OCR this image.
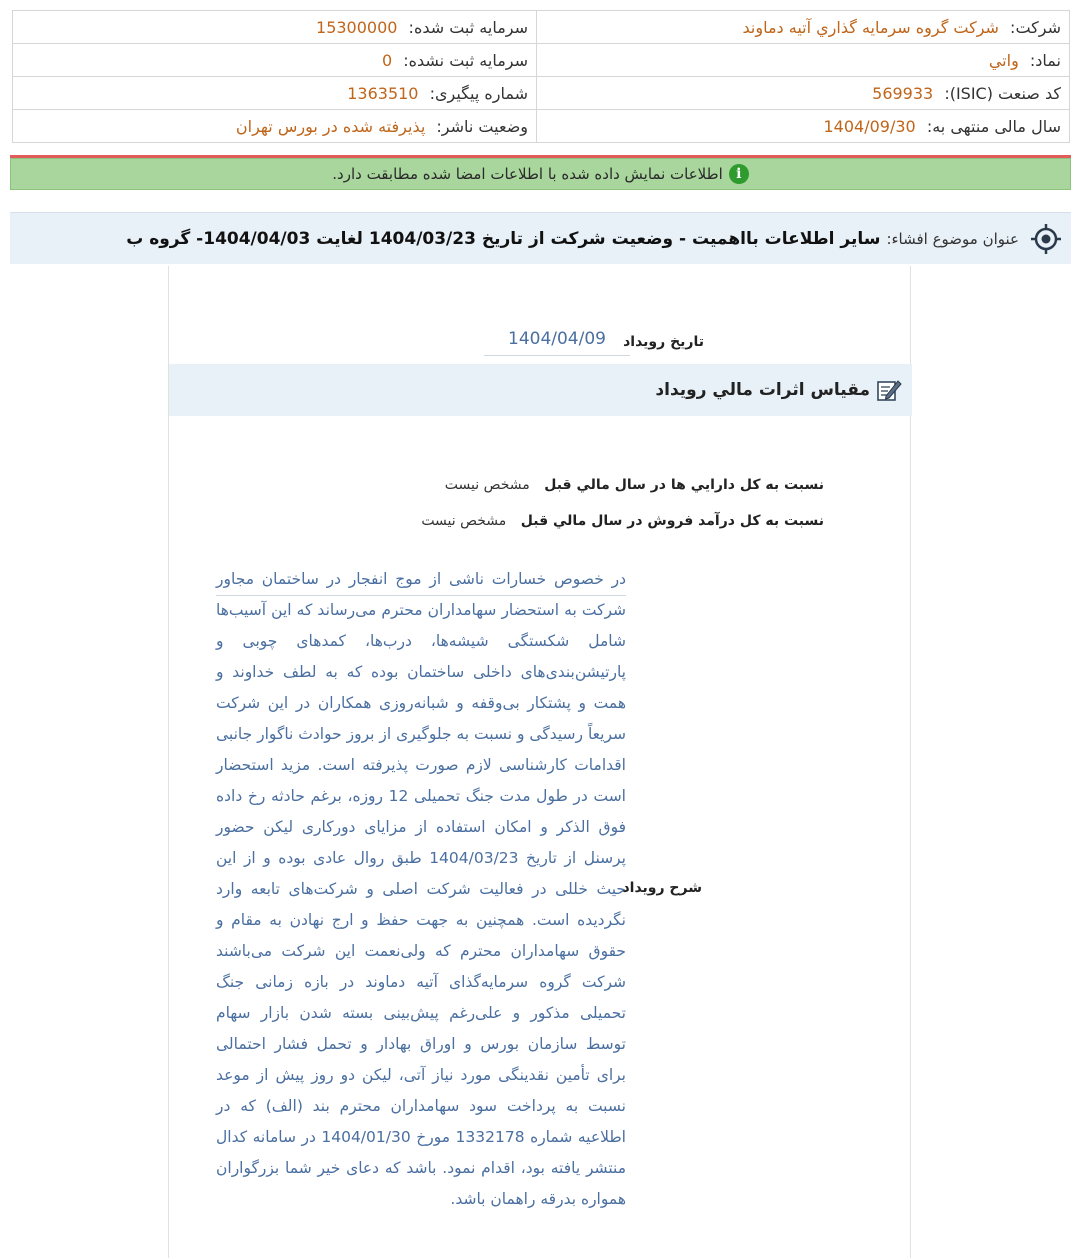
شرکت: شرکت گروه سرمايه گذاري آتيه دماوند	سرمایه ثبت شده: 15300000
نماد: واتي	سرمایه ثبت نشده: 0
کد صنعت (ISIC): 569933	شماره پیگیری: 1363510
سال مالی منتهی به: 1404/09/30	وضعیت ناشر: پذیرفته شده در بورس تهران
i
اطلاعات نمایش داده شده با اطلاعات امضا شده مطابقت دارد.
عنوان موضوع افشاء:
سایر اطلاعات بااهمیت - وضعیت شرکت از تاریخ 1404/03/23 لغایت 1404/04/03- گروه ب
تاریخ رویداد
1404/04/09
مقياس اثرات مالي رويداد
نسبت به کل دارايي ها در سال مالي قبل مشخص نيست
نسبت به کل درآمد فروش در سال مالي قبل مشخص نيست
در خصوص خسارات ناشی از موج انفجار در ساختمان مجاور شرکت به استحضار سهامداران محترم می‌رساند که این آسیب‌ها شامل شکستگی شیشه‌ها، درب‌ها، کمدهای چوبی و پارتیشن‌بندی‌های داخلی ساختمان بوده که به لطف خداوند و همت و پشتکار بی‌وقفه و شبانه‌روزی همکاران در این شرکت سریعاً رسیدگی و نسبت به جلوگیری از بروز حوادث ناگوار جانبی اقدامات کارشناسی لازم صورت پذیرفته است. مزید استحضار است در طول مدت جنگ تحمیلی 12 روزه، برغم حادثه رخ داده فوق الذکر و امکان استفاده از مزایای دورکاری لیکن حضور پرسنل از تاریخ 1404/03/23 طبق روال عادی بوده و از این حیث خللی در فعالیت شرکت اصلی و شرکت‌های تابعه وارد نگردیده است. همچنین به جهت حفظ و ارج نهادن به مقام و حقوق سهامداران محترم که ولی‌نعمت این شرکت می‌باشند شرکت گروه سرمایه‌گذای آتیه دماوند در بازه زمانی جنگ تحمیلی مذکور و علی‌رغم پیش‌بینی بسته شدن بازار سهام توسط سازمان بورس و اوراق بهادار و تحمل فشار احتمالی برای تأمین نقدینگی مورد نیاز آتی، لیکن دو روز پیش از موعد نسبت به پرداخت سود سهامداران محترم بند (الف) که در اطلاعیه شماره 1332178 مورخ 1404/01/30 در سامانه کدال منتشر یافته بود، اقدام نمود. باشد که دعای خیر شما بزرگواران همواره بدرقه راهمان باشد.
شرح رویداد
